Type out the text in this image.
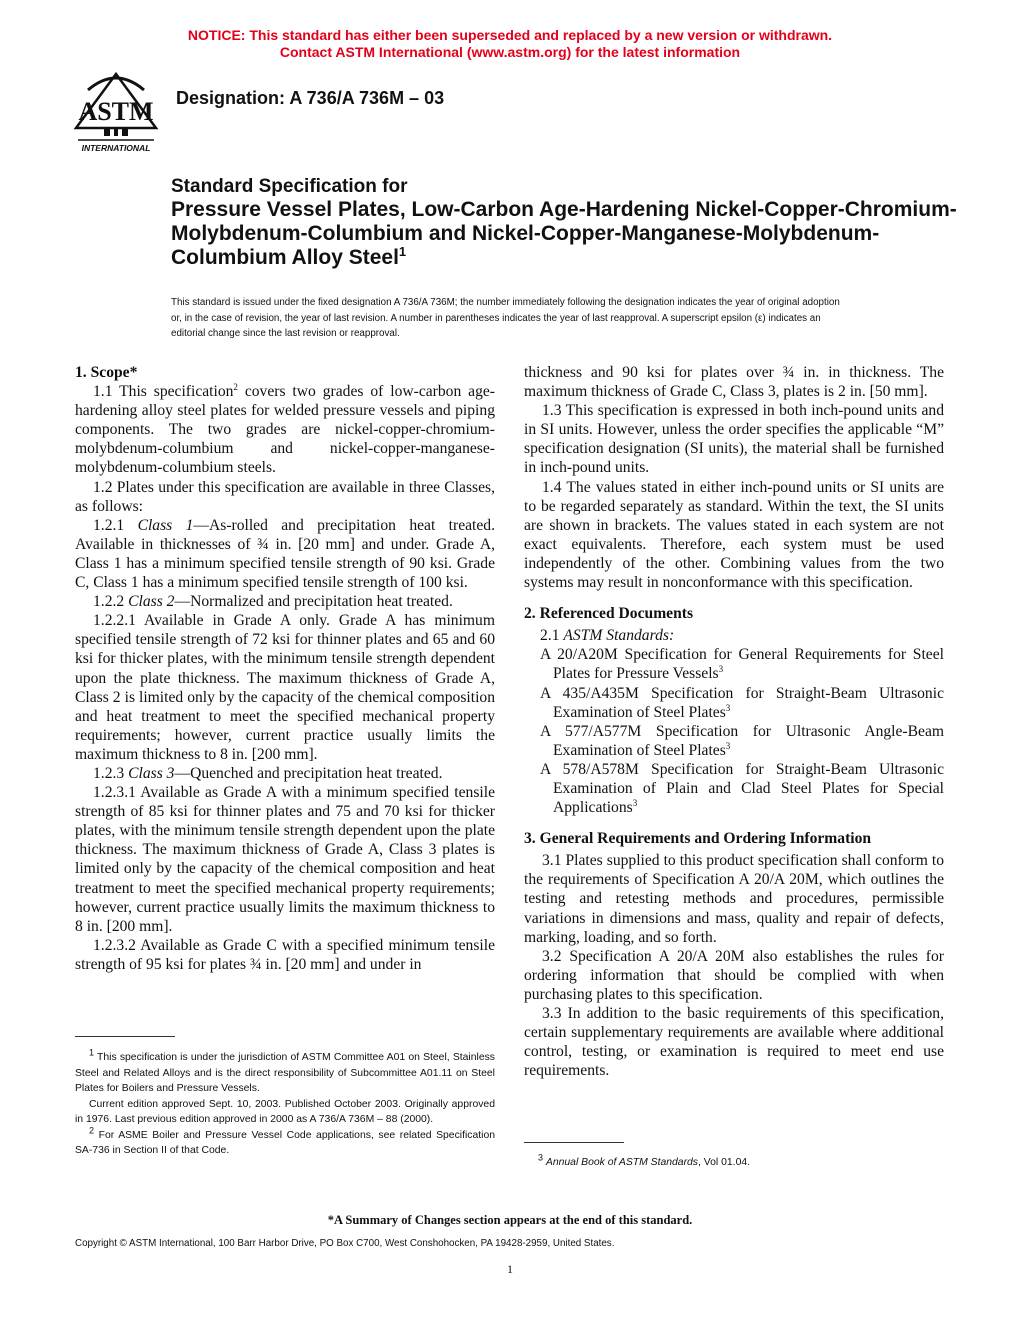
NOTICE: This standard has either been superseded and replaced by a new version or withdrawn.
Contact ASTM International (www.astm.org) for the latest information
ASTM
INTERNATIONAL
Designation: A 736/A 736M – 03
Standard Specification for
Pressure Vessel Plates, Low-Carbon Age-Hardening Nickel-Copper-Chromium-Molybdenum-Columbium and Nickel-Copper-Manganese-Molybdenum-Columbium Alloy Steel$^1$
This standard is issued under the fixed designation A 736/A 736M; the number immediately following the designation indicates the year of original adoption or, in the case of revision, the year of last revision. A number in parentheses indicates the year of last reapproval. A superscript epsilon (ε) indicates an editorial change since the last revision or reapproval.

1. Scope*

1.1 This specification$^2$ covers two grades of low-carbon age-hardening alloy steel plates for welded pressure vessels and piping components. The two grades are nickel-copper-chromium-molybdenum-columbium and nickel-copper-manganese-molybdenum-columbium steels.

1.2 Plates under this specification are available in three Classes, as follows:

1.2.1 Class 1—As-rolled and precipitation heat treated. Available in thicknesses of ¾ in. [20 mm] and under. Grade A, Class 1 has a minimum specified tensile strength of 90 ksi. Grade C, Class 1 has a minimum specified tensile strength of 100 ksi.

1.2.2 Class 2—Normalized and precipitation heat treated.

1.2.2.1 Available in Grade A only. Grade A has minimum specified tensile strength of 72 ksi for thinner plates and 65 and 60 ksi for thicker plates, with the minimum tensile strength dependent upon the plate thickness. The maximum thickness of Grade A, Class 2 is limited only by the capacity of the chemical composition and heat treatment to meet the specified mechanical property requirements; however, current practice usually limits the maximum thickness to 8 in. [200 mm].

1.2.3 Class 3—Quenched and precipitation heat treated.

1.2.3.1 Available as Grade A with a minimum specified tensile strength of 85 ksi for thinner plates and 75 and 70 ksi for thicker plates, with the minimum tensile strength dependent upon the plate thickness. The maximum thickness of Grade A, Class 3 plates is limited only by the capacity of the chemical composition and heat treatment to meet the specified mechanical property requirements; however, current practice usually limits the maximum thickness to 8 in. [200 mm].

1.2.3.2 Available as Grade C with a specified minimum tensile strength of 95 ksi for plates ¾ in. [20 mm] and under in

$^1$ This specification is under the jurisdiction of ASTM Committee A01 on Steel, Stainless Steel and Related Alloys and is the direct responsibility of Subcommittee A01.11 on Steel Plates for Boilers and Pressure Vessels.

Current edition approved Sept. 10, 2003. Published October 2003. Originally approved in 1976. Last previous edition approved in 2000 as A 736/A 736M – 88 (2000).

$^2$ For ASME Boiler and Pressure Vessel Code applications, see related Specification SA-736 in Section II of that Code.

thickness and 90 ksi for plates over ¾ in. in thickness. The maximum thickness of Grade C, Class 3, plates is 2 in. [50 mm].

1.3 This specification is expressed in both inch-pound units and in SI units. However, unless the order specifies the applicable “M” specification designation (SI units), the material shall be furnished in inch-pound units.

1.4 The values stated in either inch-pound units or SI units are to be regarded separately as standard. Within the text, the SI units are shown in brackets. The values stated in each system are not exact equivalents. Therefore, each system must be used independently of the other. Combining values from the two systems may result in nonconformance with this specification.

2. Referenced Documents

2.1 ASTM Standards:

A 20/A20M Specification for General Requirements for Steel Plates for Pressure Vessels$^3$

A 435/A435M Specification for Straight-Beam Ultrasonic Examination of Steel Plates$^3$

A 577/A577M Specification for Ultrasonic Angle-Beam Examination of Steel Plates$^3$

A 578/A578M Specification for Straight-Beam Ultrasonic Examination of Plain and Clad Steel Plates for Special Applications$^3$

3. General Requirements and Ordering Information

3.1 Plates supplied to this product specification shall conform to the requirements of Specification A 20/A 20M, which outlines the testing and retesting methods and procedures, permissible variations in dimensions and mass, quality and repair of defects, marking, loading, and so forth.

3.2 Specification A 20/A 20M also establishes the rules for ordering information that should be complied with when purchasing plates to this specification.

3.3 In addition to the basic requirements of this specification, certain supplementary requirements are available where additional control, testing, or examination is required to meet end use requirements.

$^3$ Annual Book of ASTM Standards, Vol 01.04.

*A Summary of Changes section appears at the end of this standard.
Copyright © ASTM International, 100 Barr Harbor Drive, PO Box C700, West Conshohocken, PA 19428-2959, United States.
1
